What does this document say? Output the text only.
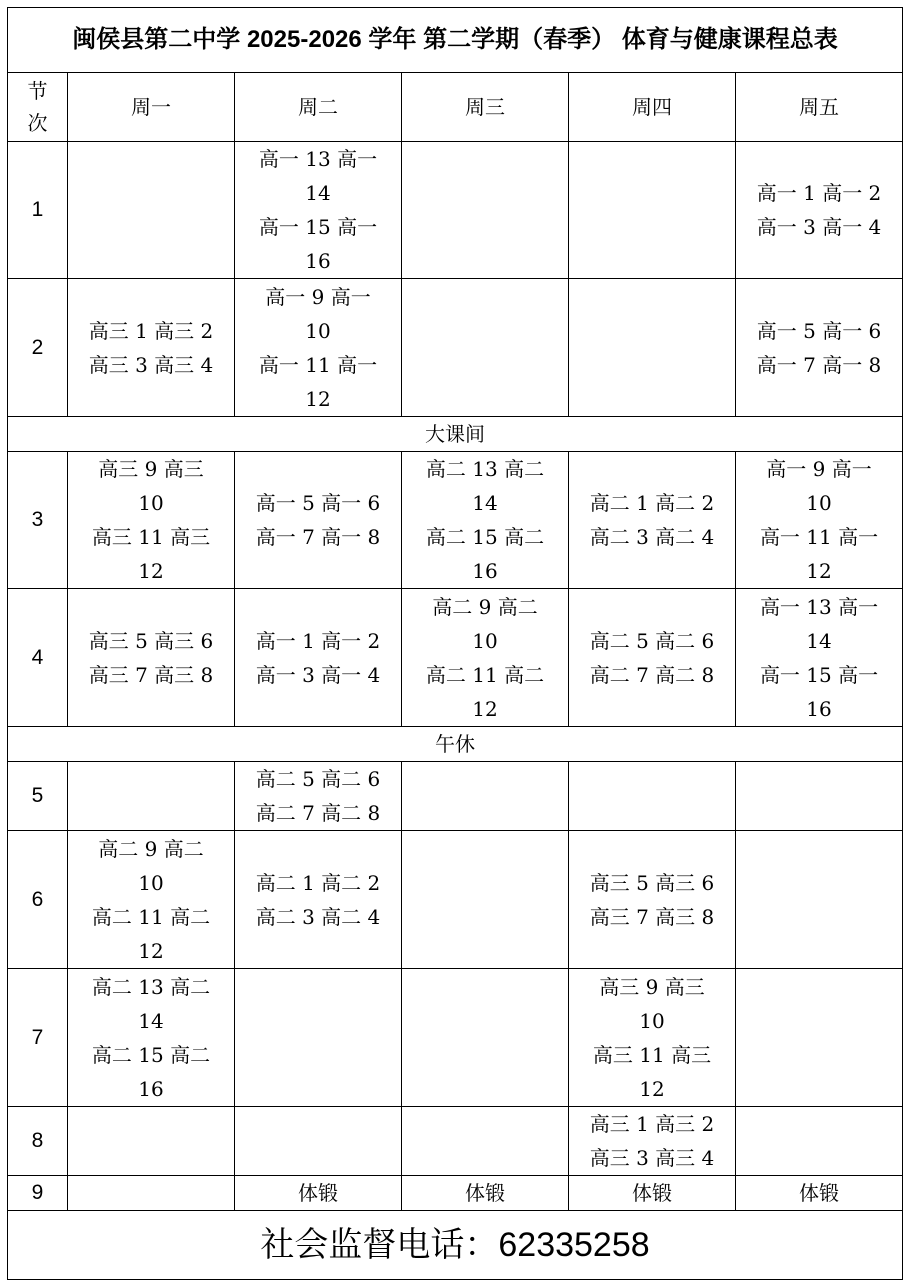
闽侯县第二中学 2025-2026 学年 第二学期（春季） 体育与健康课程总表					

节次	周一	周二	周三	周四	周五
1		高一 13 高一
14
高一 15 高一
16			高一 1 高一 2
高一 3 高一 4

2	高三 1 高三 2
高三 3 高三 4	高一 9 高一
10
高一 11 高一
12			高一 5 高一 6
高一 7 高一 8

大课间					
3	高三 9 高三
10
高三 11 高三
12	高一 5 高一 6
高一 7 高一 8	高二 13 高二
14
高二 15 高二
16	高二 1 高二 2
高二 3 高二 4	高一 9 高一
10
高一 11 高一
12

4	高三 5 高三 6
高三 7 高三 8	高一 1 高一 2
高一 3 高一 4	高二 9 高二
10
高二 11 高二
12	高二 5 高二 6
高二 7 高二 8	高一 13 高一
14
高一 15 高一
16

午休					
5		高二 5 高二 6
高二 7 高二 8			

6	高二 9 高二
10
高二 11 高二
12	高二 1 高二 2
高二 3 高二 4		高三 5 高三 6
高三 7 高三 8	

7	高二 13 高二
14
高二 15 高二
16			高三 9 高三
10
高三 11 高三
12	

8				高三 1 高三 2
高三 3 高三 4	

9		体锻	体锻	体锻	体锻

社会监督电话：62335258					
